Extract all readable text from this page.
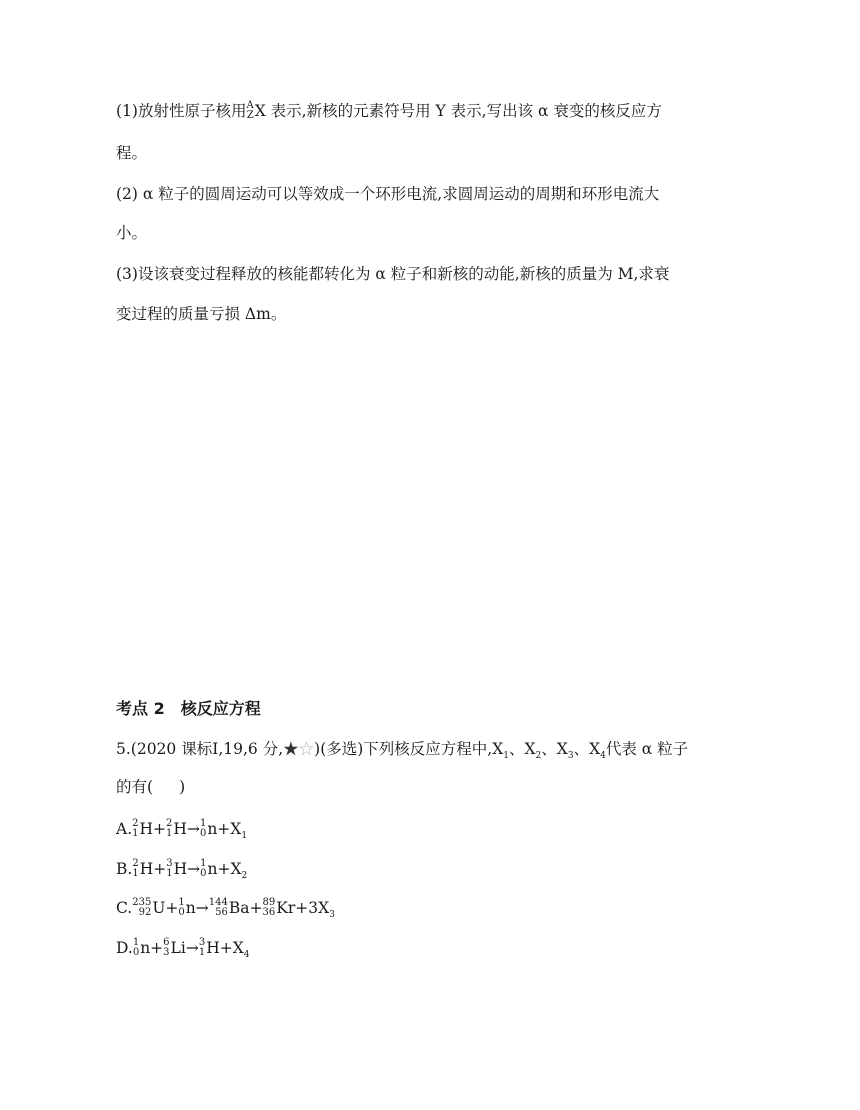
(1)放射性原子核用 A
Z X 表示,新核的元素符号用 Y 表示,写出该 α 衰变的核反应方
程。
(2) α 粒子的圆周运动可以等效成一个环形电流,求圆周运动的周期和环形电流大
小。
(3)设该衰变过程释放的核能都转化为 α 粒子和新核的动能,新核的质量为 M,求衰
变过程的质量亏损 Δm。
考点 2　核反应方程
5.(2020 课标Ⅰ,19,6 分,★☆)(多选)下列核反应方程中$,X_1$、$X_2$、$X_3$、$X_4$代表 α 粒子
的有( )
A. 2
1 H+ 2
1 H→ 1
0 $n+X_1$
B. 2
1 H+ 3
1 H→ 1
0 $n+X_2$
C. 235
92 U+ 1
0 n→ 144
56 Ba+ 89
36 $Kr+3X_3$
D. 1
0 n+ 6
3 Li→ 3
1 $H+X_4$
